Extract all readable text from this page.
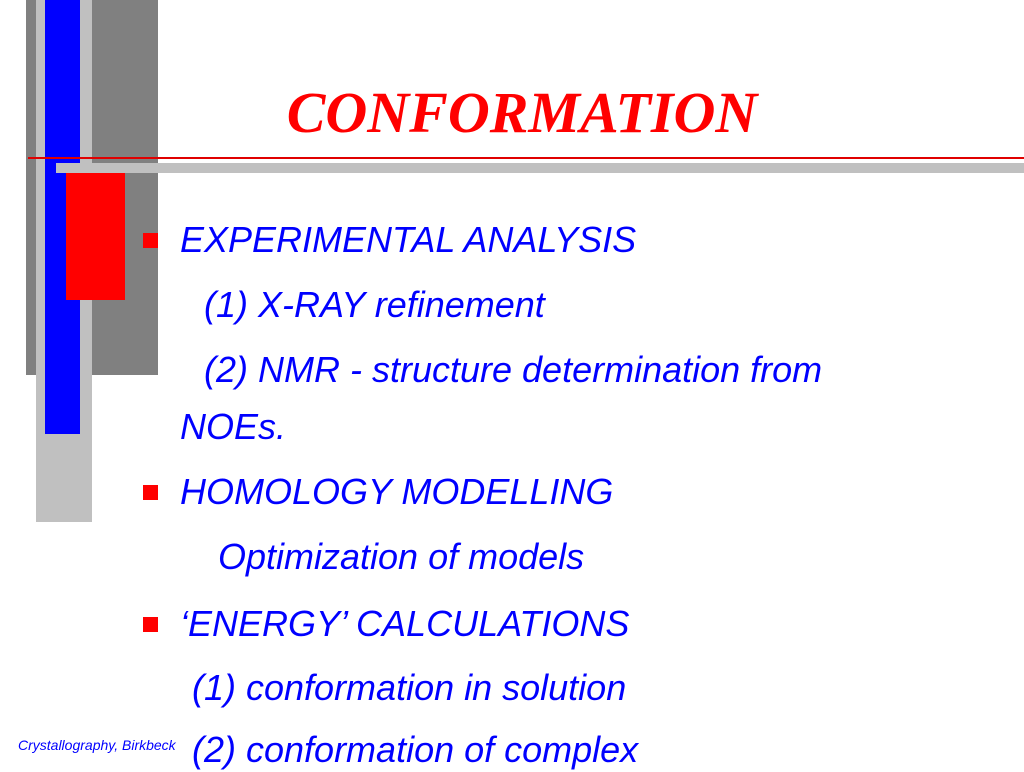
CONFORMATION

EXPERIMENTAL ANALYSIS

(1) X-RAY refinement

(2) NMR - structure determination from

NOEs.

HOMOLOGY MODELLING

Optimization of models

‘ENERGY’ CALCULATIONS

(1) conformation in solution

(2) conformation of complex

Crystallography, Birkbeck
